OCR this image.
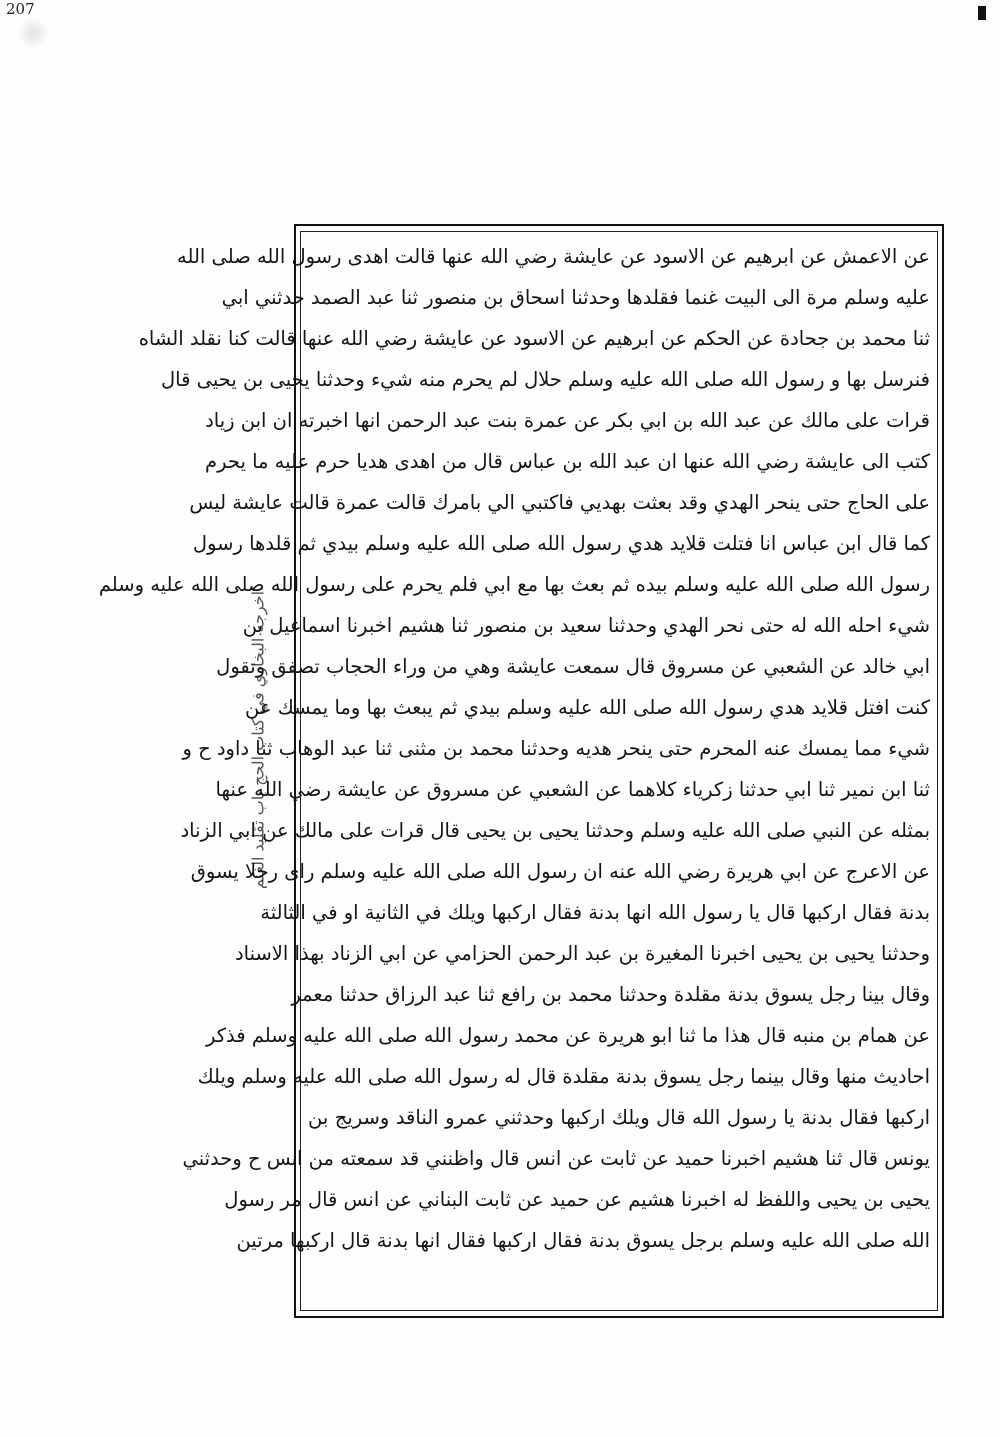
207
اخرجه البخاري في كتاب الحج باب تقليد الغنم
عن الاعمش عن ابرهيم عن الاسود عن عايشة رضي الله عنها قالت اهدى رسول الله صلى الله
عليه وسلم مرة الى البيت غنما فقلدها وحدثنا اسحاق بن منصور ثنا عبد الصمد حدثني ابي
ثنا محمد بن جحادة عن الحكم عن ابرهيم عن الاسود عن عايشة رضي الله عنها قالت كنا نقلد الشاه
فنرسل بها و رسول الله صلى الله عليه وسلم حلال لم يحرم منه شيء وحدثنا يحيى بن يحيى قال
قرات على مالك عن عبد الله بن ابي بكر عن عمرة بنت عبد الرحمن انها اخبرته ان ابن زياد
كتب الى عايشة رضي الله عنها ان عبد الله بن عباس قال من اهدى هديا حرم عليه ما يحرم
على الحاج حتى ينحر الهدي وقد بعثت بهديي فاكتبي الي بامرك قالت عمرة قالت عايشة ليس
كما قال ابن عباس انا فتلت قلايد هدي رسول الله صلى الله عليه وسلم بيدي ثم قلدها رسول
رسول الله صلى الله عليه وسلم بيده ثم بعث بها مع ابي فلم يحرم على رسول الله صلى الله عليه وسلم
شيء احله الله له حتى نحر الهدي وحدثنا سعيد بن منصور ثنا هشيم اخبرنا اسماعيل بن
ابي خالد عن الشعبي عن مسروق قال سمعت عايشة وهي من وراء الحجاب تصفق وتقول
كنت افتل قلايد هدي رسول الله صلى الله عليه وسلم بيدي ثم يبعث بها وما يمسك عن
شيء مما يمسك عنه المحرم حتى ينحر هديه وحدثنا محمد بن مثنى ثنا عبد الوهاب ثنا داود ح و
ثنا ابن نمير ثنا ابي حدثنا زكرياء كلاهما عن الشعبي عن مسروق عن عايشة رضي الله عنها
بمثله عن النبي صلى الله عليه وسلم وحدثنا يحيى بن يحيى قال قرات على مالك عن ابي الزناد
عن الاعرج عن ابي هريرة رضي الله عنه ان رسول الله صلى الله عليه وسلم راى رجلا يسوق
بدنة فقال اركبها قال يا رسول الله انها بدنة فقال اركبها ويلك في الثانية او في الثالثة
وحدثنا يحيى بن يحيى اخبرنا المغيرة بن عبد الرحمن الحزامي عن ابي الزناد بهذا الاسناد
وقال بينا رجل يسوق بدنة مقلدة وحدثنا محمد بن رافع ثنا عبد الرزاق حدثنا معمر
عن همام بن منبه قال هذا ما ثنا ابو هريرة عن محمد رسول الله صلى الله عليه وسلم فذكر
احاديث منها وقال بينما رجل يسوق بدنة مقلدة قال له رسول الله صلى الله عليه وسلم ويلك
اركبها فقال بدنة يا رسول الله قال ويلك اركبها وحدثني عمرو الناقد وسريج بن
يونس قال ثنا هشيم اخبرنا حميد عن ثابت عن انس قال واظنني قد سمعته من انس ح وحدثني
يحيى بن يحيى واللفظ له اخبرنا هشيم عن حميد عن ثابت البناني عن انس قال مر رسول
الله صلى الله عليه وسلم برجل يسوق بدنة فقال اركبها فقال انها بدنة قال اركبها مرتين
